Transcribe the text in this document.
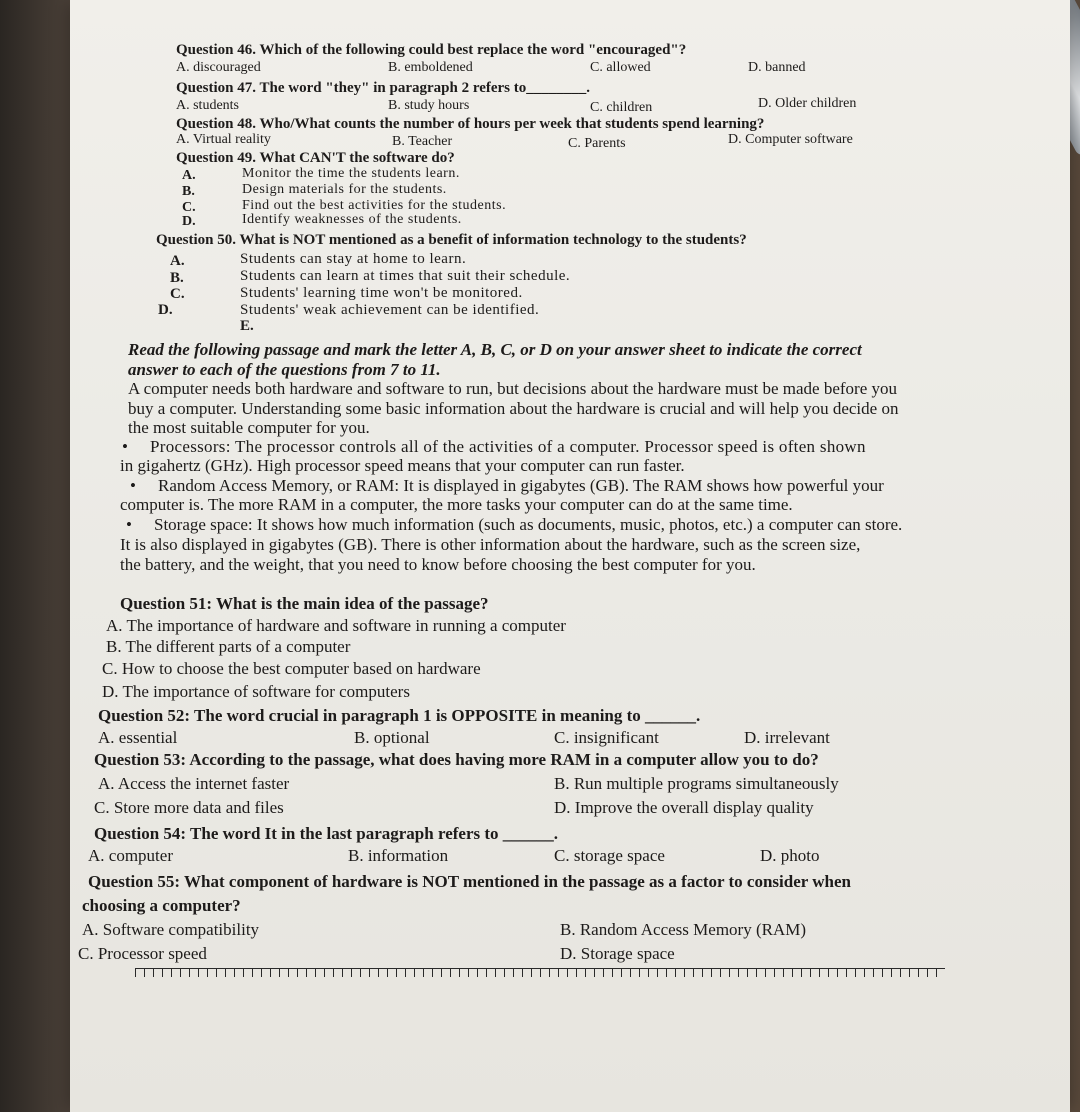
Question 46. Which of the following could best replace the word "encouraged"?
A. discouraged	B. emboldened	C. allowed	D. banned
Question 47. The word "they" in paragraph 2 refers to________.
A. students	B. study hours	C. children	D. Older children
Question 48. Who/What counts the number of hours per week that students spend learning?
A. Virtual reality	B. Teacher	C. Parents	D. Computer software
Question 49. What CAN'T the software do?
A.	Monitor the time the students learn.
B.	Design materials for the students.
C.	Find out the best activities for the students.
D.	Identify weaknesses of the students.
Question 50. What is NOT mentioned as a benefit of information technology to the students?
A.	Students can stay at home to learn.
B.	Students can learn at times that suit their schedule.
C.	Students' learning time won't be monitored.
D.	Students' weak achievement can be identified.
E.
Read the following passage and mark the letter A, B, C, or D on your answer sheet to indicate the correct
answer to each of the questions from 7 to 11.
A computer needs both hardware and software to run, but decisions about the hardware must be made before you
buy a computer. Understanding some basic information about the hardware is crucial and will help you decide on
the most suitable computer for you.
• Processors: The processor controls all of the activities of a computer. Processor speed is often shown
in gigahertz (GHz). High processor speed means that your computer can run faster.
• Random Access Memory, or RAM: It is displayed in gigabytes (GB). The RAM shows how powerful your
computer is. The more RAM in a computer, the more tasks your computer can do at the same time.
• Storage space: It shows how much information (such as documents, music, photos, etc.) a computer can store.
It is also displayed in gigabytes (GB). There is other information about the hardware, such as the screen size,
the battery, and the weight, that you need to know before choosing the best computer for you.
Question 51: What is the main idea of the passage?
A. The importance of hardware and software in running a computer
B. The different parts of a computer
C. How to choose the best computer based on hardware
D. The importance of software for computers
Question 52: The word crucial in paragraph 1 is OPPOSITE in meaning to ______.
A. essential	B. optional	C. insignificant	D. irrelevant
Question 53: According to the passage, what does having more RAM in a computer allow you to do?
A. Access the internet faster	B. Run multiple programs simultaneously
C. Store more data and files	D. Improve the overall display quality
Question 54: The word It in the last paragraph refers to ______.
A. computer	B. information	C. storage space	D. photo
Question 55: What component of hardware is NOT mentioned in the passage as a factor to consider when
choosing a computer?
A. Software compatibility	B. Random Access Memory (RAM)
C. Processor speed	D. Storage space
